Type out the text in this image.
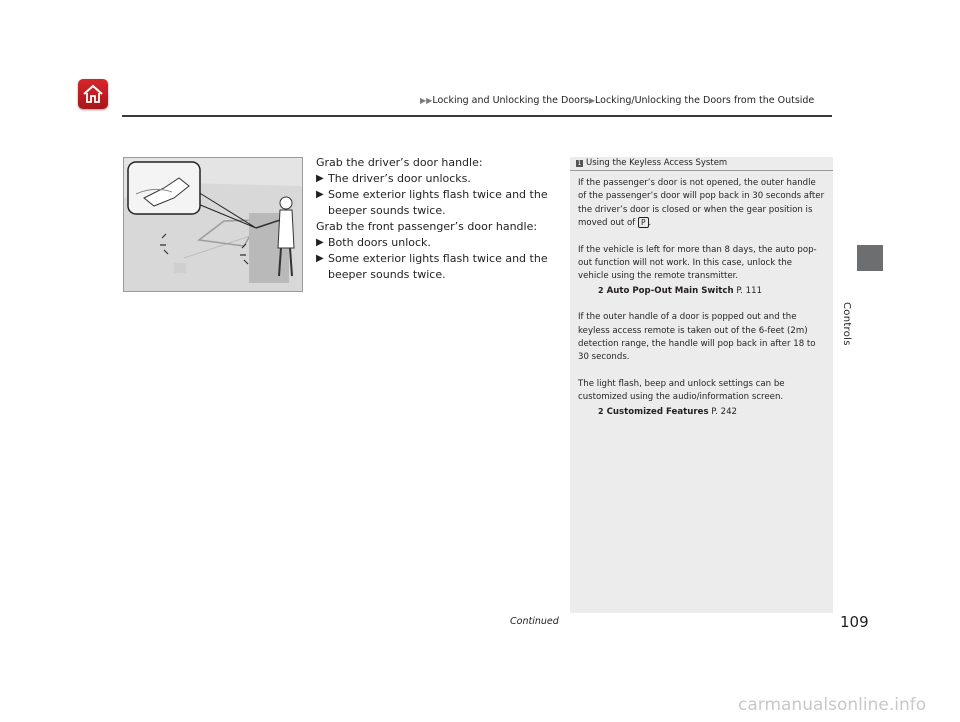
▶▶Locking and Unlocking the Doors▶Locking/Unlocking the Doors from the Outside
Controls

Grab the driver’s door handle:

▶ The driver’s door unlocks.

▶ Some exterior lights flash twice and the

beeper sounds twice.

Grab the front passenger’s door handle:

▶ Both doors unlock.

▶ Some exterior lights flash twice and the

beeper sounds twice.

1 Using the Keyless Access System

If the passenger’s door is not opened, the outer handle of the passenger’s door will pop back in 30 seconds after the driver’s door is closed or when the gear position is moved out of P .

If the vehicle is left for more than 8 days, the auto pop-out function will not work. In this case, unlock the vehicle using the remote transmitter.
2 Auto Pop-Out Main Switch P. 111

If the outer handle of a door is popped out and the keyless access remote is taken out of the 6-feet (2m) detection range, the handle will pop back in after 18 to 30 seconds.

The light flash, beep and unlock settings can be customized using the audio/information screen.
2 Customized Features P. 242

Continued	109
carmanualsonline.info
